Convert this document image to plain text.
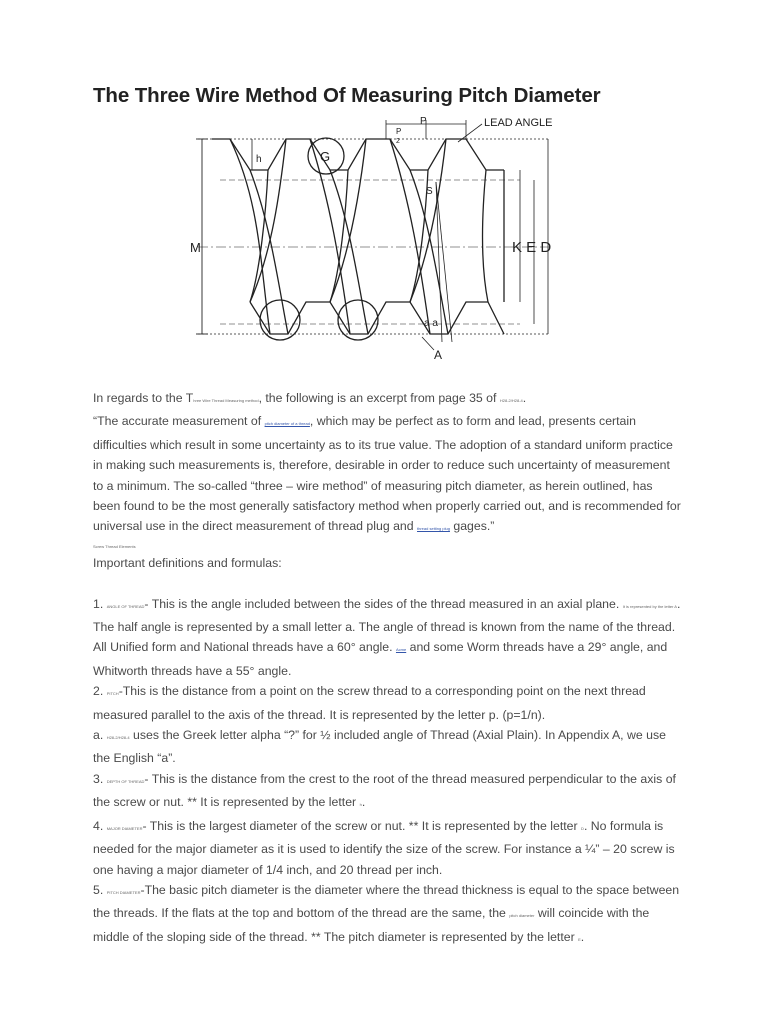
The Three Wire Method Of Measuring Pitch Diameter
M
h	G
P
P
2
LEAD ANGLE
S
K E D
a a
A

In regards to the Three Wire Thread Measuring method, the following is an excerpt from page 35 of H28-2/H28-4.

“The accurate measurement of pitch diameter of a thread, which may be perfect as to form and lead, presents certain difficulties which result in some uncertainty as to its true value. The adoption of a standard uniform practice in making such measurements is, therefore, desirable in order to reduce such uncertainty of measurement to a minimum. The so-called “three – wire method” of measuring pitch diameter, as herein outlined, has been found to be the most generally satisfactory method when properly carried out, and is recommended for universal use in the direct measurement of thread plug and thread setting plug gages.”

Screw Thread Elements

Important definitions and formulas:

1. ANGLE OF THREAD- This is the angle included between the sides of the thread measured in an axial plane. It is represented by the letter A. The half angle is represented by a small letter a. The angle of thread is known from the name of the thread. All Unified form and National threads have a 60° angle. Acme and some Worm threads have a 29° angle, and Whitworth threads have a 55° angle.

2. PITCH-This is the distance from a point on the screw thread to a corresponding point on the next thread measured parallel to the axis of the thread. It is represented by the letter p. (p=1/n).

a. H28-2/H28-4 uses the Greek letter alpha “?” for ½ included angle of Thread (Axial Plain). In Appendix A, we use the English “a”.

3. DEPTH OF THREAD- This is the distance from the crest to the root of the thread measured perpendicular to the axis of the screw or nut. ** It is represented by the letter h.

4. MAJOR DIAMETER- This is the largest diameter of the screw or nut. ** It is represented by the letter D. No formula is needed for the major diameter as it is used to identify the size of the screw. For instance a ¼” – 20 screw is one having a major diameter of 1/4 inch, and 20 thread per inch.

5. PITCH DIAMETER-The basic pitch diameter is the diameter where the thread thickness is equal to the space between the threads. If the flats at the top and bottom of the thread are the same, the pitch diameter will coincide with the middle of the sloping side of the thread. ** The pitch diameter is represented by the letter E.
